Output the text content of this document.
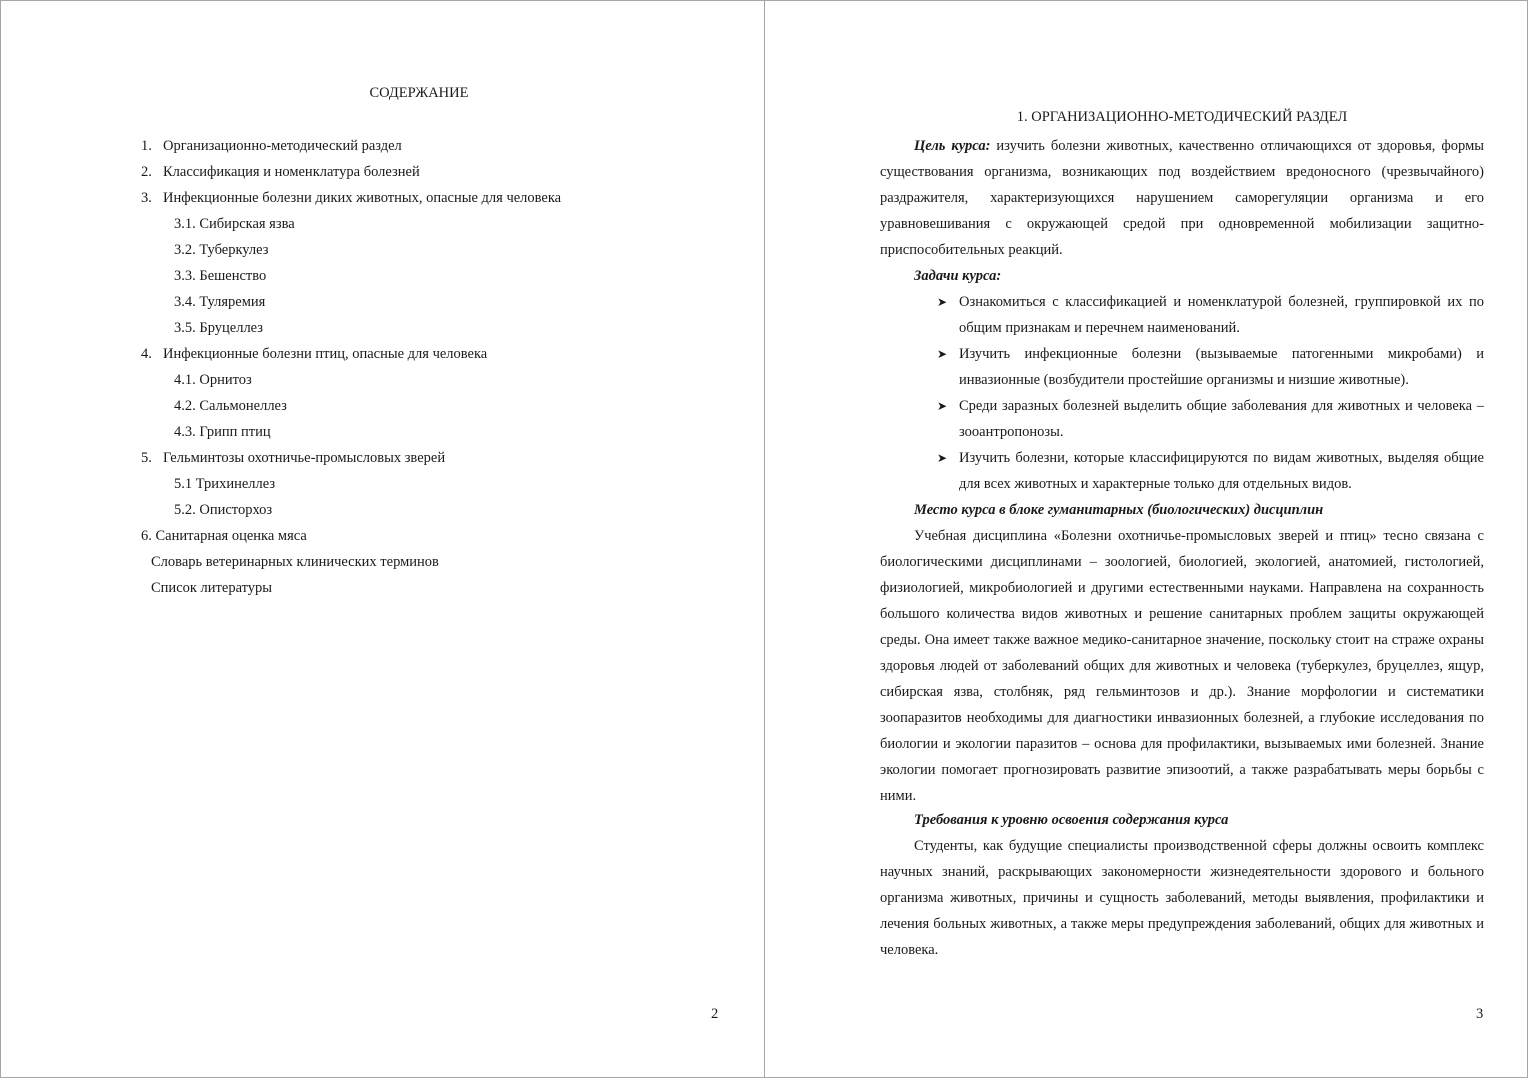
СОДЕРЖАНИЕ
1. Организационно-методический раздел
2. Классификация и номенклатура болезней
3. Инфекционные болезни диких животных, опасные для человека
3.1. Сибирская язва
3.2. Туберкулез
3.3. Бешенство
3.4. Туляремия
3.5. Бруцеллез
4. Инфекционные болезни птиц, опасные для человека
4.1. Орнитоз
4.2. Сальмонеллез
4.3. Грипп птиц
5. Гельминтозы охотничье-промысловых зверей
5.1 Трихинеллез
5.2. Описторхоз
6. Санитарная оценка мяса
Словарь ветеринарных клинических терминов
Список литературы
2
1. ОРГАНИЗАЦИОННО-МЕТОДИЧЕСКИЙ РАЗДЕЛ
Цель курса: изучить болезни животных, качественно отличающихся от здоровья, формы существования организма, возникающих под воздействием вредоносного (чрезвычайного) раздражителя, характеризующихся нарушением саморегуляции организма и его уравновешивания с окружающей средой при одновременной мобилизации защитно-приспособительных реакций.
Задачи курса:
➤ Ознакомиться с классификацией и номенклатурой болезней, группировкой их по общим признакам и перечнем наименований.
➤ Изучить инфекционные болезни (вызываемые патогенными микробами) и инвазионные (возбудители простейшие организмы и низшие животные).
➤ Среди заразных болезней выделить общие заболевания для животных и человека – зооантропонозы.
➤ Изучить болезни, которые классифицируются по видам животных, выделяя общие для всех животных и характерные только для отдельных видов.
Место курса в блоке гуманитарных (биологических) дисциплин
Учебная дисциплина «Болезни охотничье-промысловых зверей и птиц» тесно связана с биологическими дисциплинами – зоологией, биологией, экологией, анатомией, гистологией, физиологией, микробиологией и другими естественными науками. Направлена на сохранность большого количества видов животных и решение санитарных проблем защиты окружающей среды. Она имеет также важное медико-санитарное значение, поскольку стоит на страже охраны здоровья людей от заболеваний общих для животных и человека (туберкулез, бруцеллез, ящур, сибирская язва, столбняк, ряд гельминтозов и др.). Знание морфологии и систематики зоопаразитов необходимы для диагностики инвазионных болезней, а глубокие исследования по биологии и экологии паразитов – основа для профилактики, вызываемых ими болезней. Знание экологии помогает прогнозировать развитие эпизоотий, а также разрабатывать меры борьбы с ними.
Требования к уровню освоения содержания курса
Студенты, как будущие специалисты производственной сферы должны освоить комплекс научных знаний, раскрывающих закономерности жизнедеятельности здорового и больного организма животных, причины и сущность заболеваний, методы выявления, профилактики и лечения больных животных, а также меры предупреждения заболеваний, общих для животных и человека.
3
